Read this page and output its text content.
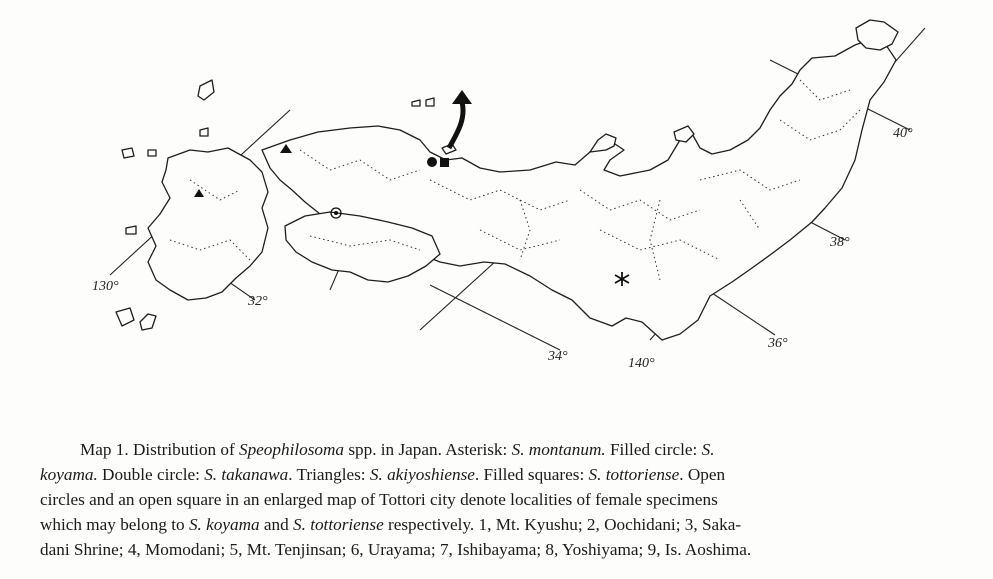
40°
38°
36°
34°
32°
130°
140°
Map 1. Distribution of Speophilosoma spp. in Japan. Asterisk: S. montanum. Filled circle: S.
koyama. Double circle: S. takanawa. Triangles: S. akiyoshiense. Filled squares: S. tottoriense. Open
circles and an open square in an enlarged map of Tottori city denote localities of female specimens
which may belong to S. koyama and S. tottoriense respectively. 1, Mt. Kyushu; 2, Oochidani; 3, Saka-
dani Shrine; 4, Momodani; 5, Mt. Tenjinsan; 6, Urayama; 7, Ishibayama; 8, Yoshiyama; 9, Is. Aoshima.
